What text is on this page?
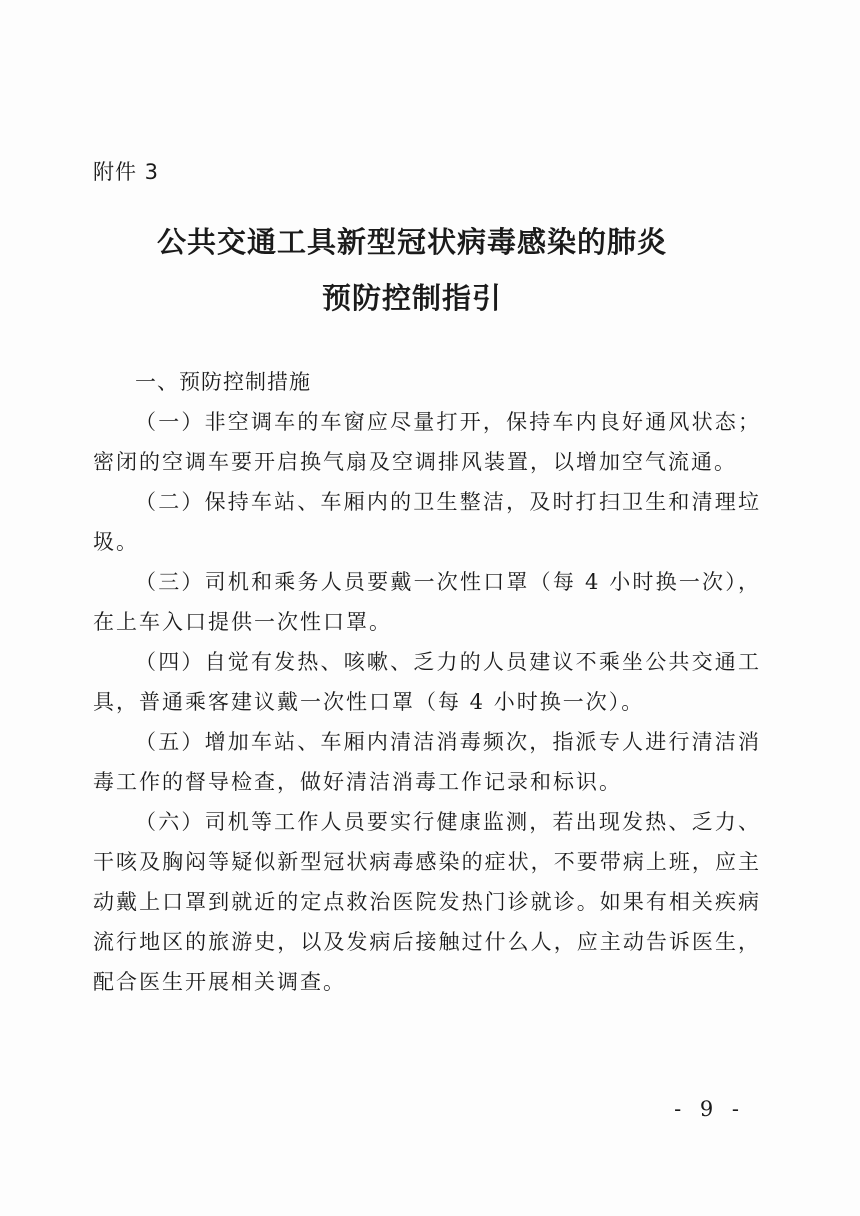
附件 3
公共交通工具新型冠状病毒感染的肺炎
预防控制指引
一、预防控制措施

（一）非空调车的车窗应尽量打开，保持车内良好通风状态；密闭的空调车要开启换气扇及空调排风装置，以增加空气流通。

（二）保持车站、车厢内的卫生整洁，及时打扫卫生和清理垃圾。

（三）司机和乘务人员要戴一次性口罩（每 4 小时换一次），在上车入口提供一次性口罩。

（四）自觉有发热、咳嗽、乏力的人员建议不乘坐公共交通工具，普通乘客建议戴一次性口罩（每 4 小时换一次）。

（五）增加车站、车厢内清洁消毒频次，指派专人进行清洁消毒工作的督导检查，做好清洁消毒工作记录和标识。

（六）司机等工作人员要实行健康监测，若出现发热、乏力、干咳及胸闷等疑似新型冠状病毒感染的症状，不要带病上班，应主动戴上口罩到就近的定点救治医院发热门诊就诊。如果有相关疾病流行地区的旅游史，以及发病后接触过什么人，应主动告诉医生，配合医生开展相关调查。

- 9 -
